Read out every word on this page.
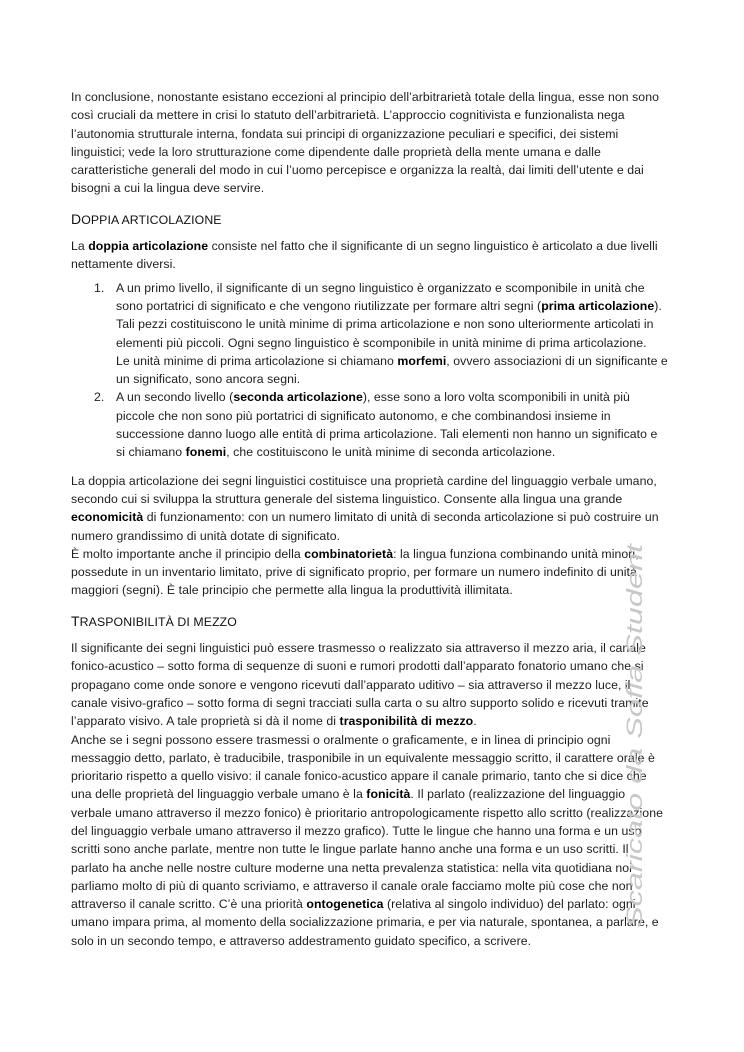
In conclusione, nonostante esistano eccezioni al principio dell’arbitrarietà totale della lingua, esse non sono così cruciali da mettere in crisi lo statuto dell’arbitrarietà. L’approccio cognitivista e funzionalista nega l’autonomia strutturale interna, fondata sui principi di organizzazione peculiari e specifici, dei sistemi linguistici; vede la loro strutturazione come dipendente dalle proprietà della mente umana e dalle caratteristiche generali del modo in cui l’uomo percepisce e organizza la realtà, dai limiti dell’utente e dai bisogni a cui la lingua deve servire.

DOPPIA ARTICOLAZIONE

La doppia articolazione consiste nel fatto che il significante di un segno linguistico è articolato a due livelli nettamente diversi.

1. A un primo livello, il significante di un segno linguistico è organizzato e scomponibile in unità che sono portatrici di significato e che vengono riutilizzate per formare altri segni (prima articolazione). Tali pezzi costituiscono le unità minime di prima articolazione e non sono ulteriormente articolati in elementi più piccoli. Ogni segno linguistico è scomponibile in unità minime di prima articolazione.
Le unità minime di prima articolazione si chiamano morfemi, ovvero associazioni di un significante e un significato, sono ancora segni.
2. A un secondo livello (seconda articolazione), esse sono a loro volta scomponibili in unità più piccole che non sono più portatrici di significato autonomo, e che combinandosi insieme in successione danno luogo alle entità di prima articolazione. Tali elementi non hanno un significato e si chiamano fonemi, che costituiscono le unità minime di seconda articolazione.

La doppia articolazione dei segni linguistici costituisce una proprietà cardine del linguaggio verbale umano, secondo cui si sviluppa la struttura generale del sistema linguistico. Consente alla lingua una grande economicità di funzionamento: con un numero limitato di unità di seconda articolazione si può costruire un numero grandissimo di unità dotate di significato.

È molto importante anche il principio della combinatorietà: la lingua funziona combinando unità minori, possedute in un inventario limitato, prive di significato proprio, per formare un numero indefinito di unità maggiori (segni). È tale principio che permette alla lingua la produttività illimitata.

TRASPONIBILITÀ DI MEZZO

Il significante dei segni linguistici può essere trasmesso o realizzato sia attraverso il mezzo aria, il canale fonico-acustico – sotto forma di sequenze di suoni e rumori prodotti dall’apparato fonatorio umano che si propagano come onde sonore e vengono ricevuti dall’apparato uditivo – sia attraverso il mezzo luce, il canale visivo-grafico – sotto forma di segni tracciati sulla carta o su altro supporto solido e ricevuti tramite l’apparato visivo. A tale proprietà si dà il nome di trasponibilità di mezzo.

Anche se i segni possono essere trasmessi o oralmente o graficamente, e in linea di principio ogni messaggio detto, parlato, è traducibile, trasponibile in un equivalente messaggio scritto, il carattere orale è prioritario rispetto a quello visivo: il canale fonico-acustico appare il canale primario, tanto che si dice che una delle proprietà del linguaggio verbale umano è la fonicità. Il parlato (realizzazione del linguaggio verbale umano attraverso il mezzo fonico) è prioritario antropologicamente rispetto allo scritto (realizzazione del linguaggio verbale umano attraverso il mezzo grafico). Tutte le lingue che hanno una forma e un uso scritti sono anche parlate, mentre non tutte le lingue parlate hanno anche una forma e un uso scritti. Il parlato ha anche nelle nostre culture moderne una netta prevalenza statistica: nella vita quotidiana noi parliamo molto di più di quanto scriviamo, e attraverso il canale orale facciamo molte più cose che non attraverso il canale scritto. C’è una priorità ontogenetica (relativa al singolo individuo) del parlato: ogni umano impara prima, al momento della socializzazione primaria, e per via naturale, spontanea, a parlare, e solo in un secondo tempo, e attraverso addestramento guidato specifico, a scrivere.

Scaricato da Sofia Student
